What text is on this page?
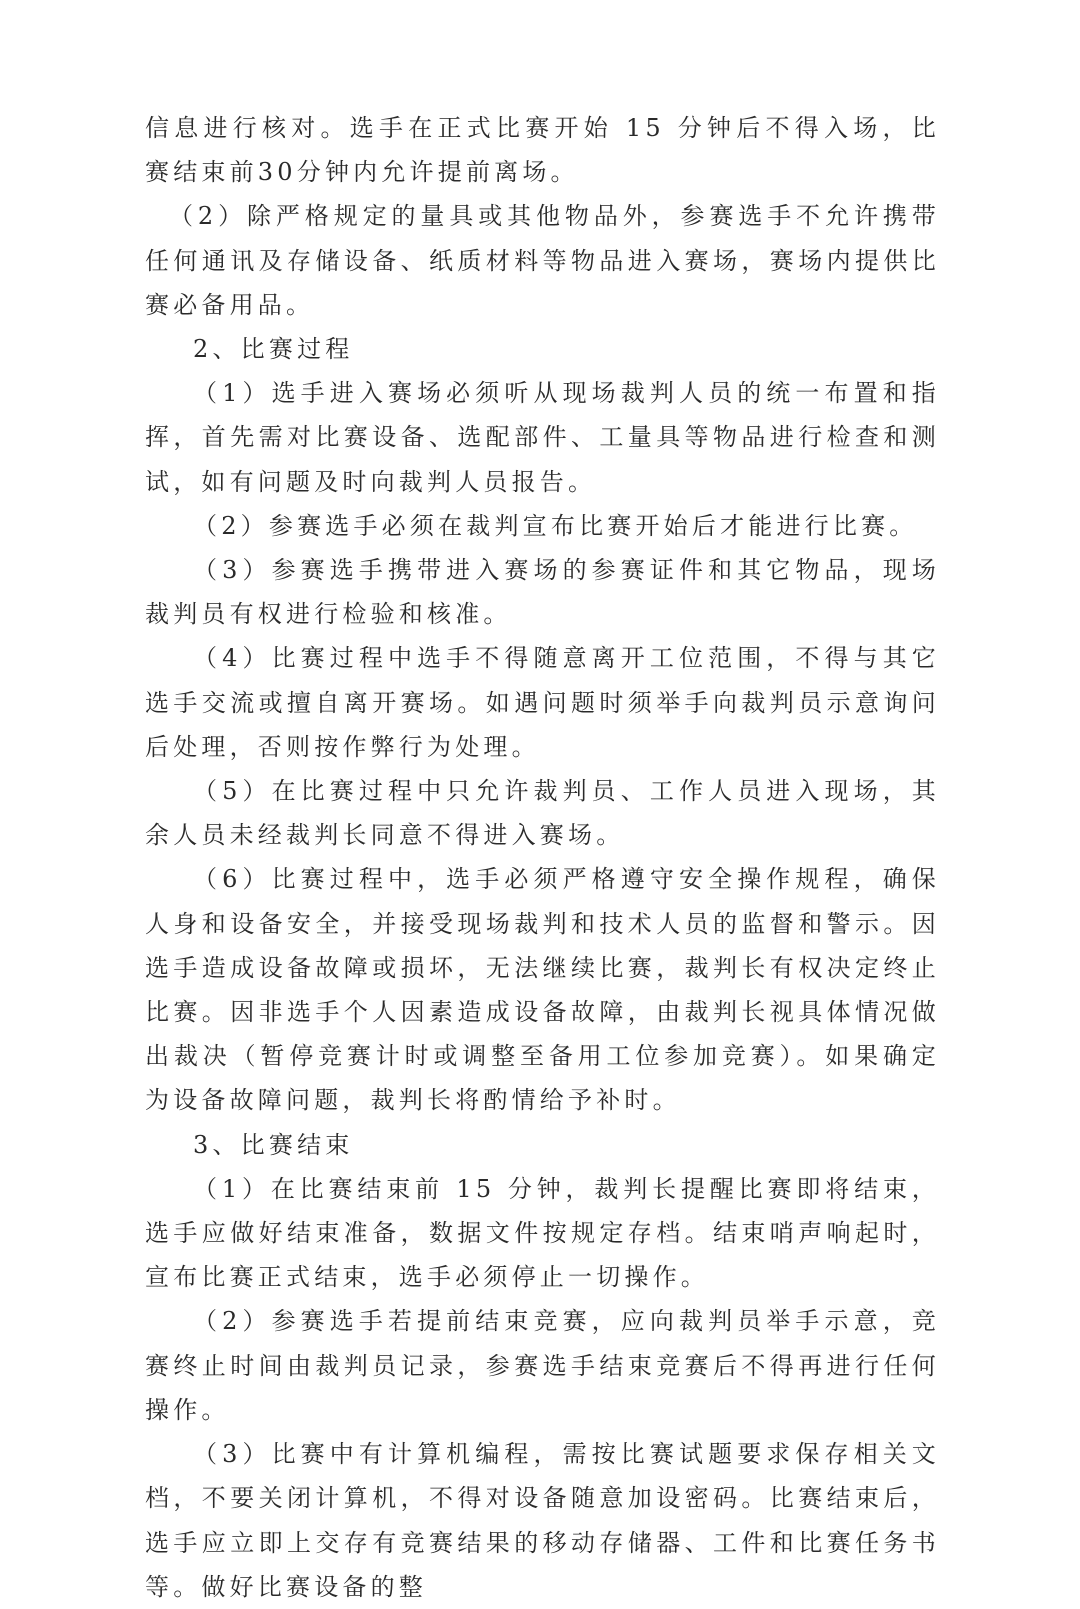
信息进行核对。选手在正式比赛开始 15 分钟后不得入场，比赛结束前30分钟内允许提前离场。

（2）除严格规定的量具或其他物品外，参赛选手不允许携带任何通讯及存储设备、纸质材料等物品进入赛场，赛场内提供比赛必备用品。

2、比赛过程

（1）选手进入赛场必须听从现场裁判人员的统一布置和指挥，首先需对比赛设备、选配部件、工量具等物品进行检查和测试，如有问题及时向裁判人员报告。

（2）参赛选手必须在裁判宣布比赛开始后才能进行比赛。

（3）参赛选手携带进入赛场的参赛证件和其它物品，现场裁判员有权进行检验和核准。

（4）比赛过程中选手不得随意离开工位范围，不得与其它选手交流或擅自离开赛场。如遇问题时须举手向裁判员示意询问后处理，否则按作弊行为处理。

（5）在比赛过程中只允许裁判员、工作人员进入现场，其余人员未经裁判长同意不得进入赛场。

（6）比赛过程中，选手必须严格遵守安全操作规程，确保人身和设备安全，并接受现场裁判和技术人员的监督和警示。因选手造成设备故障或损坏，无法继续比赛，裁判长有权决定终止比赛。因非选手个人因素造成设备故障，由裁判长视具体情况做出裁决（暂停竞赛计时或调整至备用工位参加竞赛）。如果确定为设备故障问题，裁判长将酌情给予补时。

3、比赛结束

（1）在比赛结束前 15 分钟，裁判长提醒比赛即将结束，选手应做好结束准备，数据文件按规定存档。结束哨声响起时，宣布比赛正式结束，选手必须停止一切操作。

（2）参赛选手若提前结束竞赛，应向裁判员举手示意，竞赛终止时间由裁判员记录，参赛选手结束竞赛后不得再进行任何操作。

（3）比赛中有计算机编程，需按比赛试题要求保存相关文档，不要关闭计算机，不得对设备随意加设密码。比赛结束后，选手应立即上交存有竞赛结果的移动存储器、工件和比赛任务书等。做好比赛设备的整
